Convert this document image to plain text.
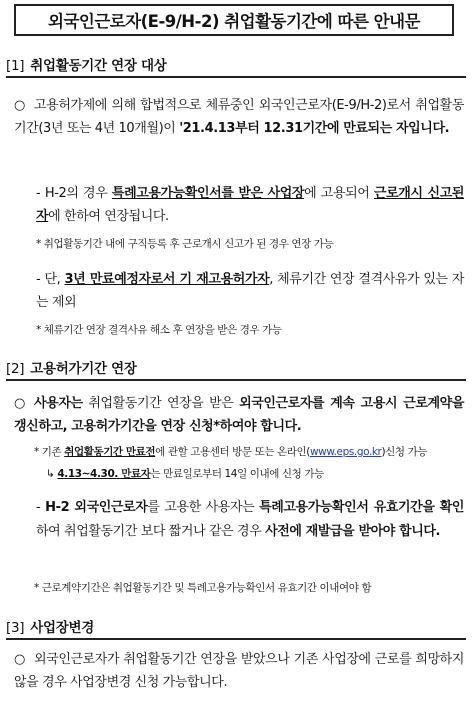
외국인근로자(E-9/H-2) 취업활동기간에 따른 안내문
[1] 취업활동기간 연장 대상
○ 고용허가제에 의해 합법적으로 체류중인 외국인근로자(E-9/H-2)로서 취업활동기간(3년 또는 4년 10개월)이 '21.4.13부터 12.31기간에 만료되는 자입니다.
- H-2의 경우 특례고용가능확인서를 받은 사업장에 고용되어 근로개시 신고된 자에 한하여 연장됩니다.
* 취업활동기간 내에 구직등록 후 근로개시 신고가 된 경우 연장 가능
- 단, 3년 만료예정자로서 기 재고용허가자, 체류기간 연장 결격사유가 있는 자는 제외
* 체류기간 연장 결격사유 해소 후 연장을 받은 경우 가능
[2] 고용허가기간 연장
○ 사용자는 취업활동기간 연장을 받은 외국인근로자를 계속 고용시 근로계약을 갱신하고, 고용허가기간을 연장 신청*하여야 합니다.
* 기존 취업활동기간 만료전에 관할 고용센터 방문 또는 온라인(www.eps.go.kr)신청 가능
↳ 4.13~4.30. 만료자는 만료일로부터 14일 이내에 신청 가능
- H-2 외국인근로자를 고용한 사용자는 특례고용가능확인서 유효기간을 확인하여 취업활동기간 보다 짧거나 같은 경우 사전에 재발급을 받아야 합니다.
* 근로계약기간은 취업활동기간 및 특례고용가능확인서 유효기간 이내여야 함
[3] 사업장변경
○ 외국인근로자가 취업활동기간 연장을 받았으나 기존 사업장에 근로를 희망하지 않을 경우 사업장변경 신청 가능합니다.
